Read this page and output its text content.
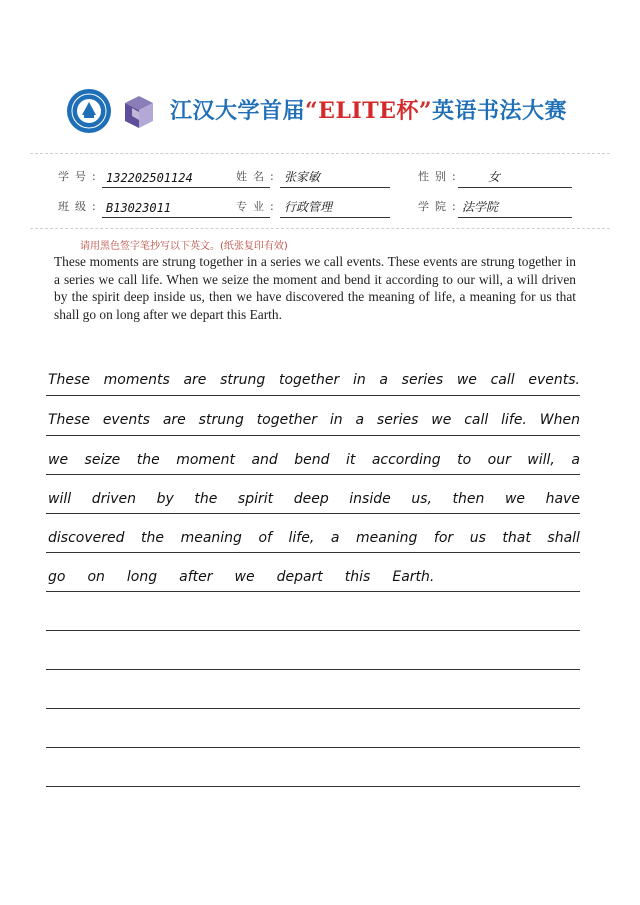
江汉大学首届“ELITE杯”英语书法大赛
学号: 132202501124	姓名: 张家敏	性别: 女
班级: B13023011	专业: 行政管理	学院: 法学院
请用黑色签字笔抄写以下英文。(纸张复印有效)
These moments are strung together in a series we call events. These events are strung together in a series we call life. When we seize the moment and bend it according to our will, a will driven by the spirit deep inside us, then we have discovered the meaning of life, a meaning for us that shall go on long after we depart this Earth.
These moments are strung together in a series we call events.
These events are strung together in a series we call life. When
we seize the moment and bend it according to our will, a
will driven by the spirit deep inside us, then we have
discovered the meaning of life, a meaning for us that shall
go on long after we depart this Earth.
